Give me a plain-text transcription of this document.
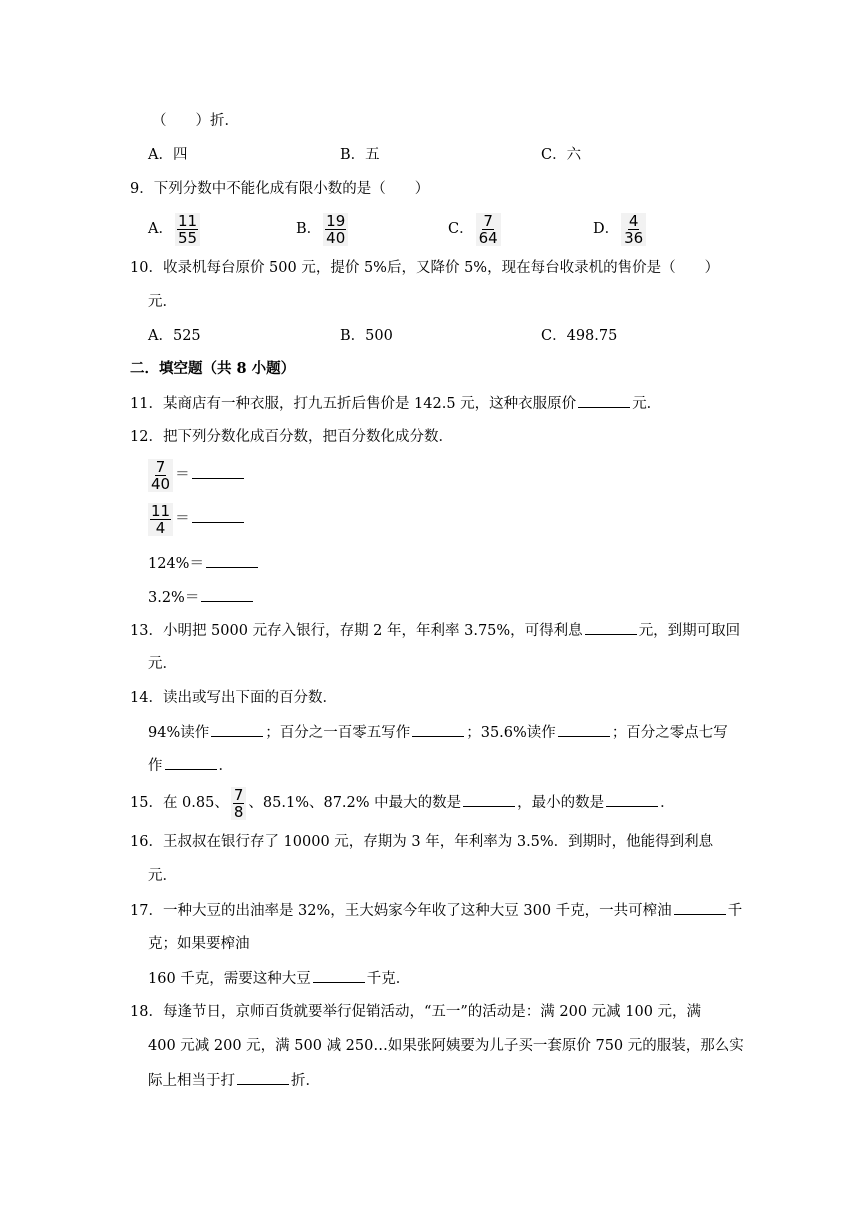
（　　）折．
A．四	B．五	C．六
9．下列分数中不能化成有限小数的是（　　）
A． $\frac{11}{55}$	B． $\frac{19}{40}$	C． $\frac{7}{64}$	D． $\frac{4}{36}$
10．收录机每台原价 500 元，提价 5%后，又降价 5%，现在每台收录机的售价是（　　）
元．
A．525	B．500	C．498.75
二．填空题（共 8 小题）
11．某商店有一种衣服，打九五折后售价是 142.5 元，这种衣服原价	元．
12．把下列分数化成百分数，把百分数化成分数．
$\frac{7}{40}$ ＝
$\frac{11}{4}$ ＝
124%＝
3.2%＝
13．小明把 5000 元存入银行，存期 2 年，年利率 3.75%，可得利息	元，到期可取回
元．
14．读出或写出下面的百分数．
94%读作	；百分之一百零五写作	；35.6%读作	；百分之零点七写
作	．
15．在 0.85、 $\frac{7}{8}$ 、85.1%、87.2% 中最大的数是	，最小的数是	．
16．王叔叔在银行存了 10000 元，存期为 3 年，年利率为 3.5%．到期时，他能得到利息
元．
17．一种大豆的出油率是 32%，王大妈家今年收了这种大豆 300 千克，一共可榨油	千
克；如果要榨油
160 千克，需要这种大豆	千克．
18．每逢节日，京师百货就要举行促销活动，“五一”的活动是：满 200 元减 100 元，满
400 元减 200 元，满 500 减 250…如果张阿姨要为儿子买一套原价 750 元的服装，那么实
际上相当于打	折．
